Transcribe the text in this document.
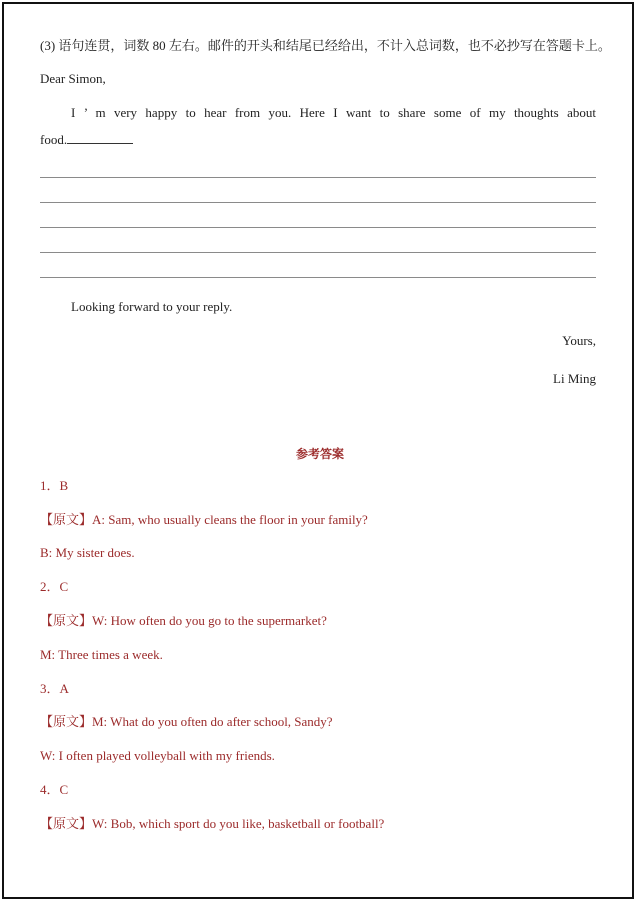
(3) 语句连贯，词数 80 左右。邮件的开头和结尾已经给出，不计入总词数，也不必抄写在答题卡上。
Dear Simon,
I ’ m very happy to hear from you. Here I want to share some of my thoughts about
food.
Looking forward to your reply.
Yours,
Li Ming
参考答案
1．B
【原文】A: Sam, who usually cleans the floor in your family?
B: My sister does.
2．C
【原文】W: How often do you go to the supermarket?
M: Three times a week.
3．A
【原文】M: What do you often do after school, Sandy?
W: I often played volleyball with my friends.
4．C
【原文】W: Bob, which sport do you like, basketball or football?
